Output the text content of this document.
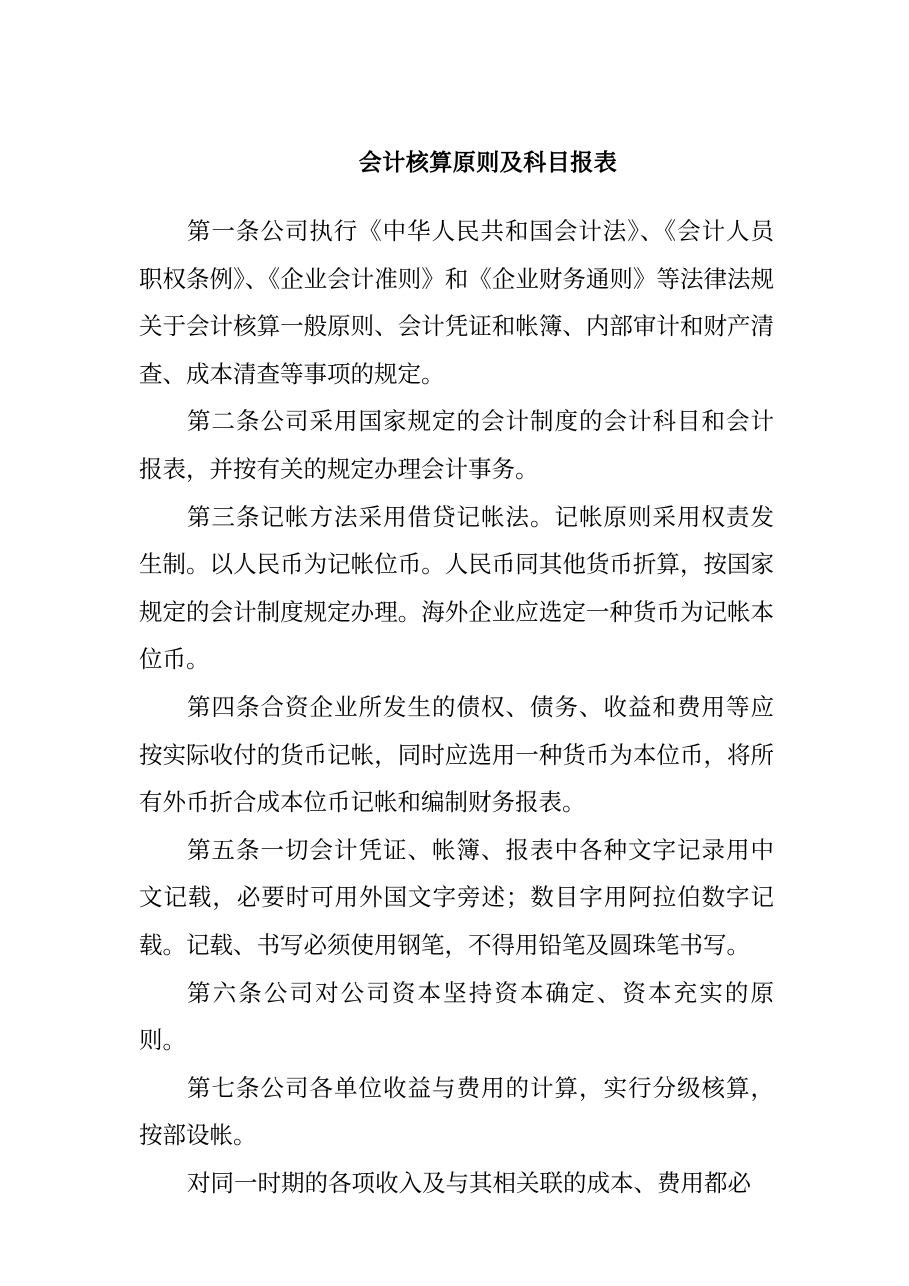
会计核算原则及科目报表

第一条公司执行《中华人民共和国会计法》、《会计人员职权条例》、《企业会计准则》和《企业财务通则》等法律法规关于会计核算一般原则、会计凭证和帐簿、内部审计和财产清查、成本清查等事项的规定。

第二条公司采用国家规定的会计制度的会计科目和会计报表，并按有关的规定办理会计事务。

第三条记帐方法采用借贷记帐法。记帐原则采用权责发生制。以人民币为记帐位币。人民币同其他货币折算，按国家规定的会计制度规定办理。海外企业应选定一种货币为记帐本位币。

第四条合资企业所发生的债权、债务、收益和费用等应按实际收付的货币记帐，同时应选用一种货币为本位币，将所有外币折合成本位币记帐和编制财务报表。

第五条一切会计凭证、帐簿、报表中各种文字记录用中文记载，必要时可用外国文字旁述；数目字用阿拉伯数字记载。记载、书写必须使用钢笔，不得用铅笔及圆珠笔书写。

第六条公司对公司资本坚持资本确定、资本充实的原则。

第七条公司各单位收益与费用的计算，实行分级核算，按部设帐。

对同一时期的各项收入及与其相关联的成本、费用都必
